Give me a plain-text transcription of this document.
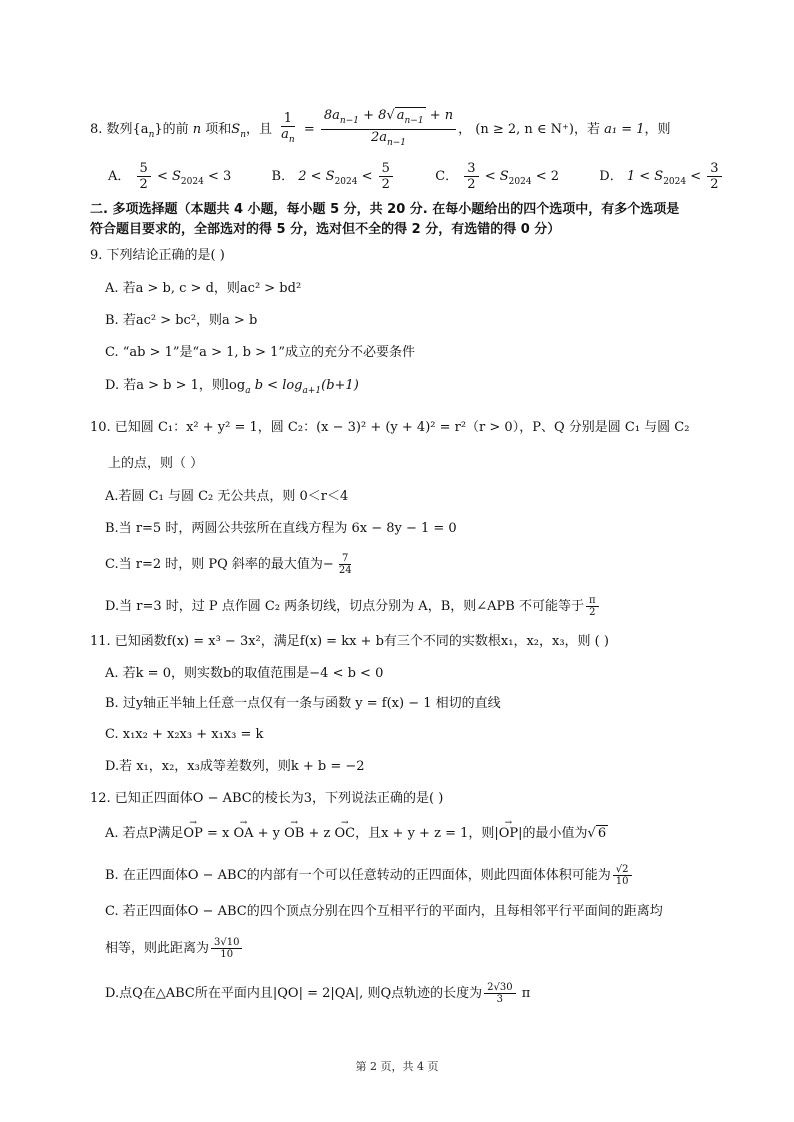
8. 数列$\{a_n\}$的前 n 项和$S_n$，且 $\frac{1}{a_n} = \frac{8a_{n-1} + 8√ a_{n-1} + n}{2a_{n-1}}$ ， (n ≥ 2, n ∈ N⁺)，若 a₁ = 1，则
A． $\frac{5}{2} < S_{2024} < 3$	B． $2 < S_{2024} < \frac{5}{2}$	C． $\frac{3}{2} < S_{2024} < 2$	D． $1 < S_{2024} < \frac{3}{2}$
二. 多项选择题（本题共 4 小题，每小题 5 分，共 20 分. 在每小题给出的四个选项中，有多个选项是
符合题目要求的，全部选对的得 5 分，选对但不全的得 2 分，有选错的得 0 分）
9. 下列结论正确的是( )
A. 若a > b, c > d，则ac² > bd²
B. 若ac² > bc²，则a > b
C. “ab > 1”是“a > 1, b > 1”成立的充分不必要条件
D. 若a > b > 1，则$\log_a b < \log_{a+1}(b+1)$
10. 已知圆 C₁：x² + y² = 1，圆 C₂：(x − 3)² + (y + 4)² = r²（r > 0），P、Q 分别是圆 C₁ 与圆 C₂
上的点，则（ ）
A.若圆 C₁ 与圆 C₂ 无公共点，则 0＜r＜4
B.当 r=5 时，两圆公共弦所在直线方程为 6x − 8y − 1 = 0
C.当 r=2 时，则 PQ 斜率的最大值为− $\frac{7}{24}$
D.当 r=3 时，过 P 点作圆 C₂ 两条切线，切点分别为 A，B，则∠APB 不可能等于 $\frac{\pi}{2}$
11. 已知函数f(x) = x³ − 3x²，满足f(x) = kx + b有三个不同的实数根x₁，x₂，x₃，则 ( )
A. 若k = 0，则实数b的取值范围是−4 < b < 0
B. 过y轴正半轴上任意一点仅有一条与函数 y = f(x) − 1 相切的直线
C. x₁x₂ + x₂x₃ + x₁x₃ = k
D.若 x₁，x₂，x₃成等差数列，则k + b = −2
12. 已知正四面体O − ABC的棱长为3，下列说法正确的是( )
A. 若点P满足→ OP = x → OA + y → OB + z → OC，且x + y + z = 1，则|→ OP|的最小值为√ 6
B. 在正四面体O − ABC的内部有一个可以任意转动的正四面体，则此四面体体积可能为 $\frac{√2}{10}$
C. 若正四面体O − ABC的四个顶点分别在四个互相平行的平面内，且每相邻平行平面间的距离均
相等，则此距离为 $\frac{3√10}{10}$
D.点Q在△ABC所在平面内且|QO| = 2|QA|, 则Q点轨迹的长度为 $\frac{2√30}{3}$ π
第 2 页，共 4 页
